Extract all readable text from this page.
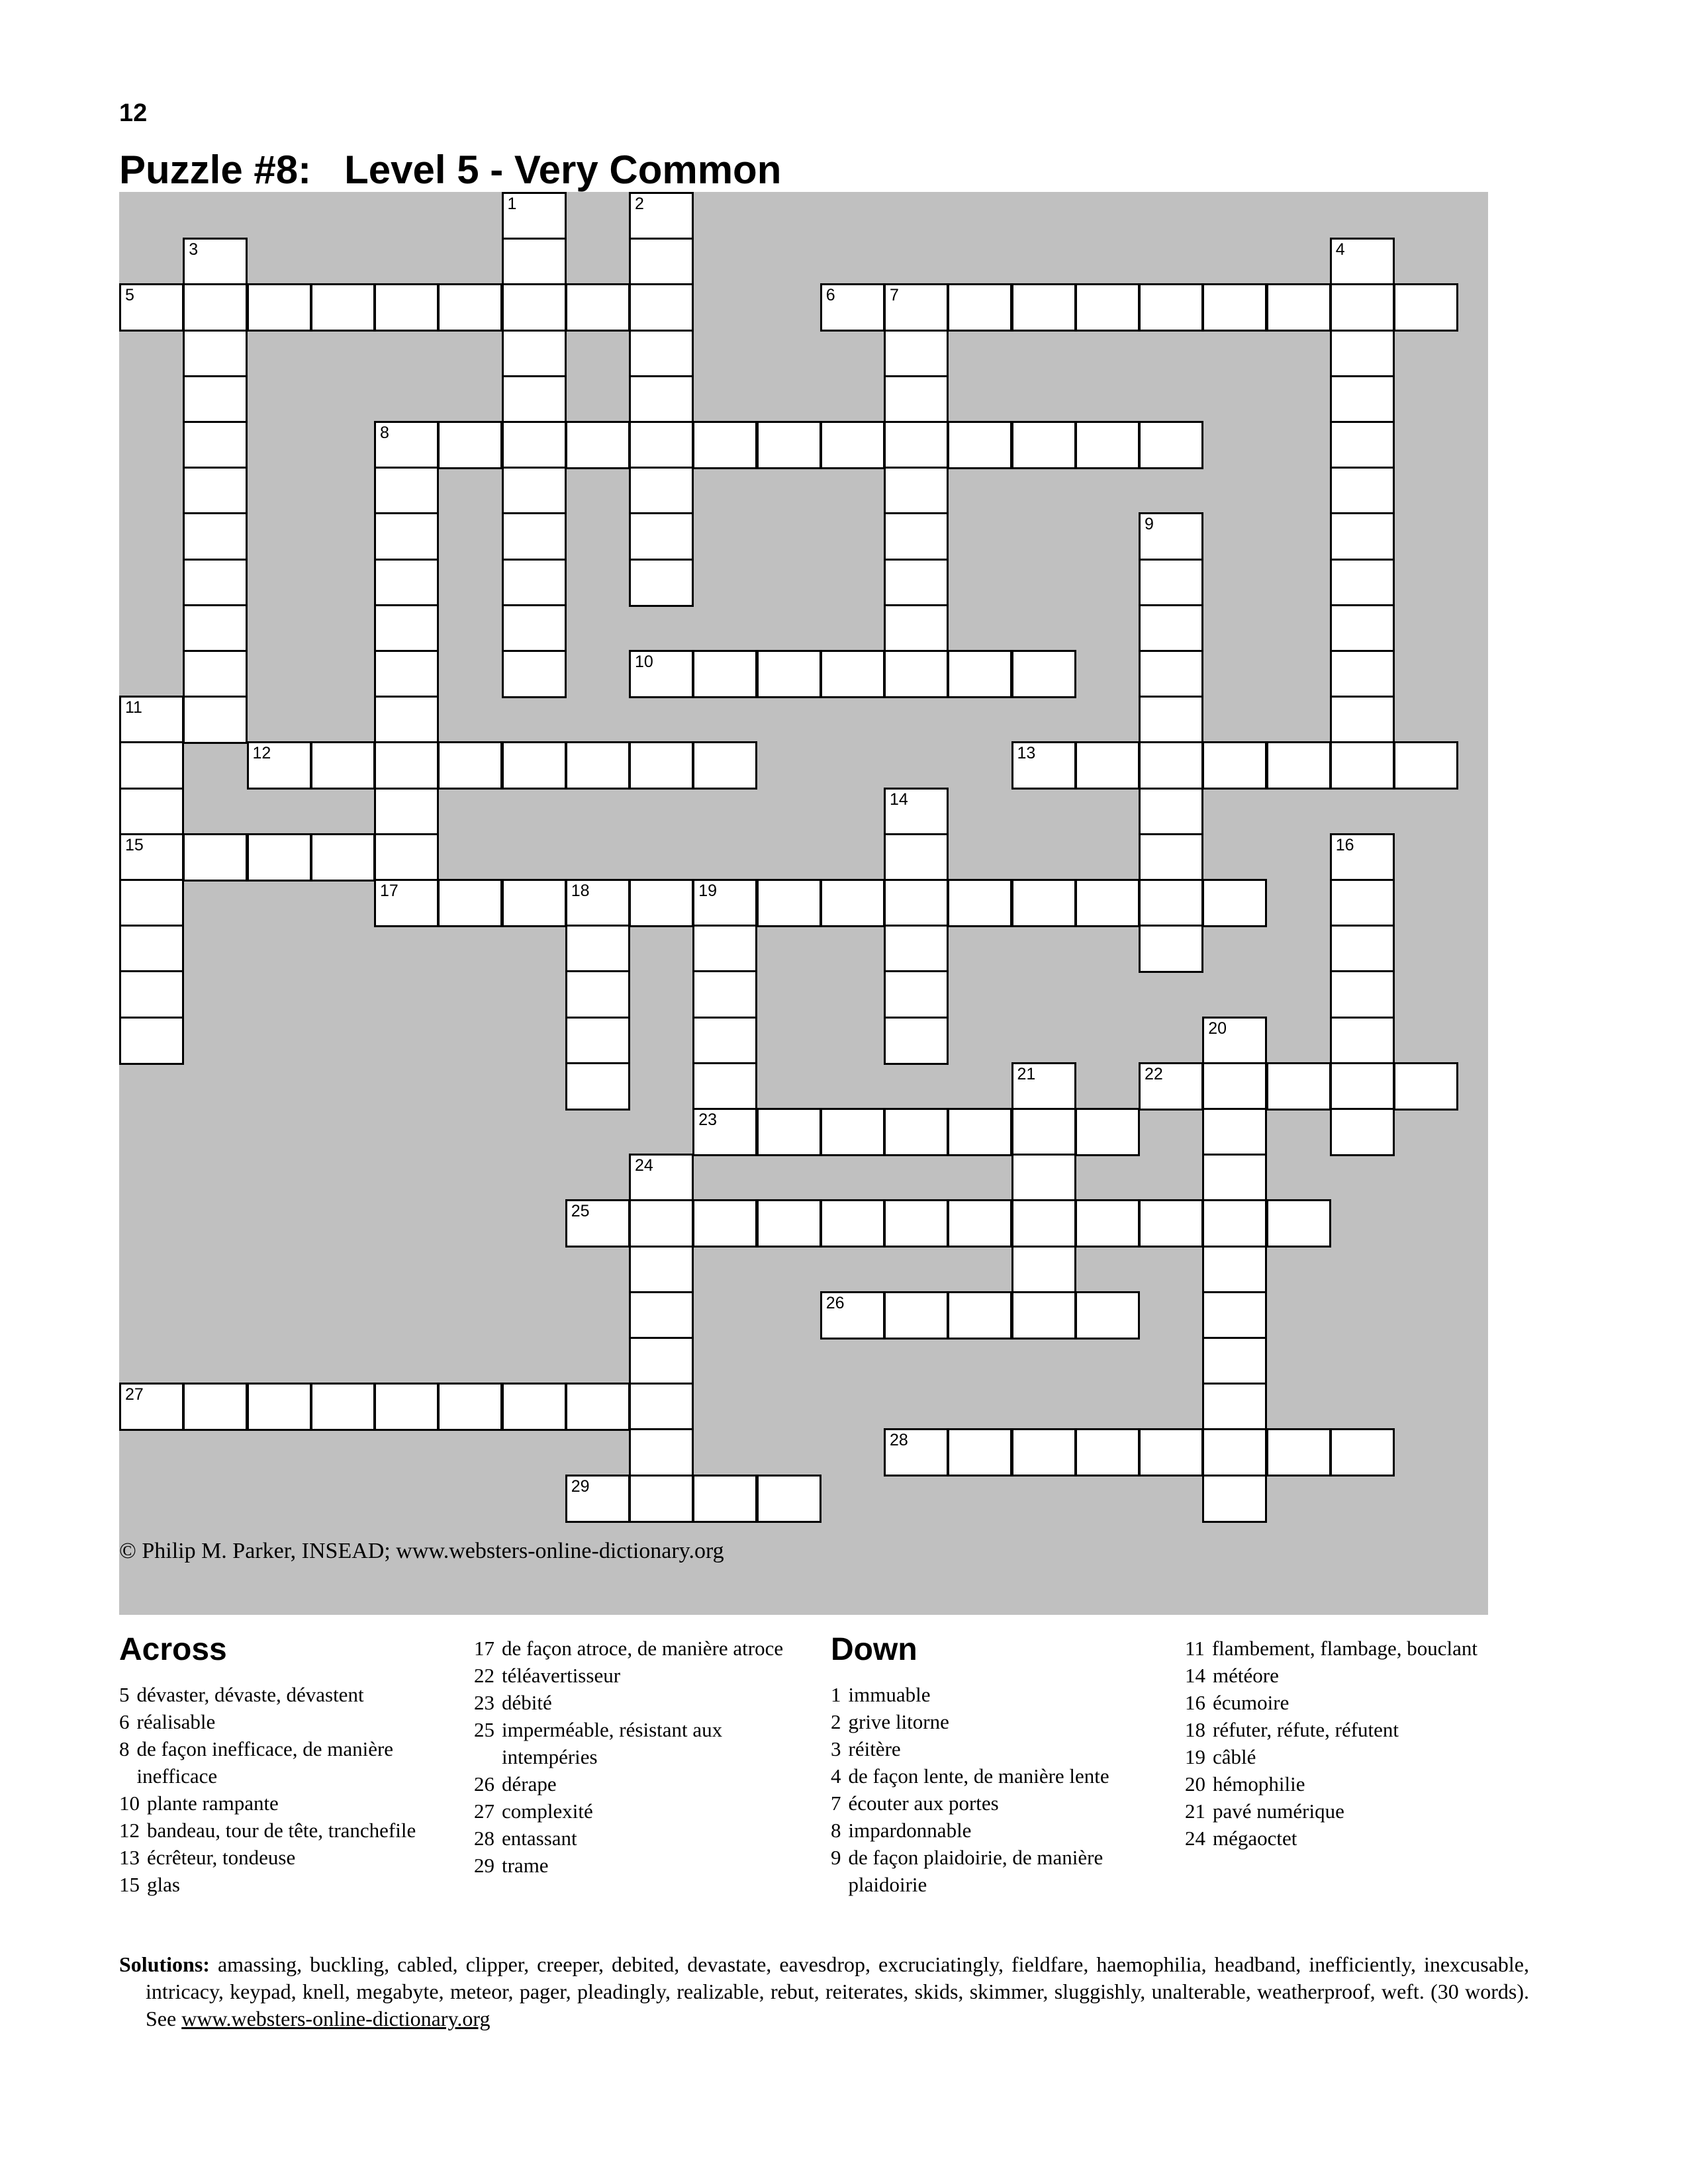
12
Puzzle #8:   Level 5 - Very Common
© Philip M. Parker, INSEAD; www.websters-online-dictionary.org
1	2
3	4
5	6	7
8
9
10
11
15
12	13
14
16
17	18	19
23
20
21	22
24
25
26
27
28
29
Across
5 dévaster, dévaste, dévastent
6 réalisable
8 de façon inefficace, de manière inefficace
10 plante rampante
12 bandeau, tour de tête, tranchefile
13 écrêteur, tondeuse
15 glas
17 de façon atroce, de manière atroce
22 téléavertisseur
23 débité
25 imperméable, résistant aux intempéries
26 dérape
27 complexité
28 entassant
29 trame
Down
1 immuable
2 grive litorne
3 réitère
4 de façon lente, de manière lente
7 écouter aux portes
8 impardonnable
9 de façon plaidoirie, de manière plaidoirie
11 flambement, flambage, bouclant
14 météore
16 écumoire
18 réfuter, réfute, réfutent
19 câblé
20 hémophilie
21 pavé numérique
24 mégaoctet
Solutions: amassing, buckling, cabled, clipper, creeper, debited, devastate, eavesdrop, excruciatingly, fieldfare, haemophilia, headband, inefficiently, inexcusable, intricacy, keypad, knell, megabyte, meteor, pager, pleadingly, realizable, rebut, reiterates, skids, skimmer, sluggishly, unalterable, weatherproof, weft. (30 words). See www.websters-online-dictionary.org
